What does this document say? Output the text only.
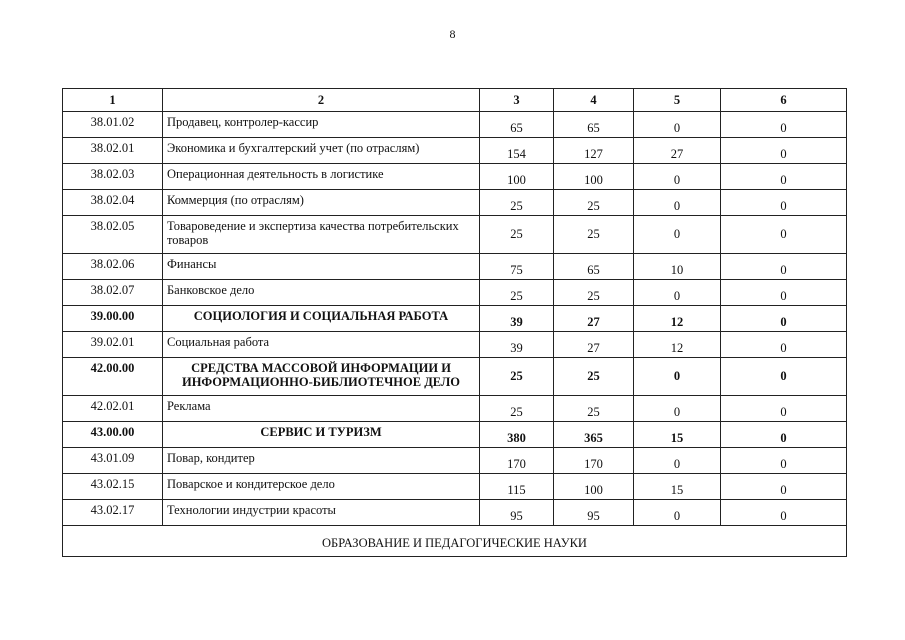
8
1	2	3	4	5	6
38.01.02	Продавец, контролер-кассир	65	65	0	0
38.02.01	Экономика и бухгалтерский учет (по отраслям)	154	127	27	0
38.02.03	Операционная деятельность в логистике	100	100	0	0
38.02.04	Коммерция (по отраслям)	25	25	0	0
38.02.05	Товароведение и экспертиза качества потребительских товаров	25	25	0	0
38.02.06	Финансы	75	65	10	0
38.02.07	Банковское дело	25	25	0	0
39.00.00	СОЦИОЛОГИЯ И СОЦИАЛЬНАЯ РАБОТА	39	27	12	0
39.02.01	Социальная работа	39	27	12	0
42.00.00	СРЕДСТВА МАССОВОЙ ИНФОРМАЦИИ И ИНФОРМАЦИОННО-БИБЛИОТЕЧНОЕ ДЕЛО	25	25	0	0
42.02.01	Реклама	25	25	0	0
43.00.00	СЕРВИС И ТУРИЗМ	380	365	15	0
43.01.09	Повар, кондитер	170	170	0	0
43.02.15	Поварское и кондитерское дело	115	100	15	0
43.02.17	Технологии индустрии красоты	95	95	0	0
ОБРАЗОВАНИЕ И ПЕДАГОГИЧЕСКИЕ НАУКИ					
